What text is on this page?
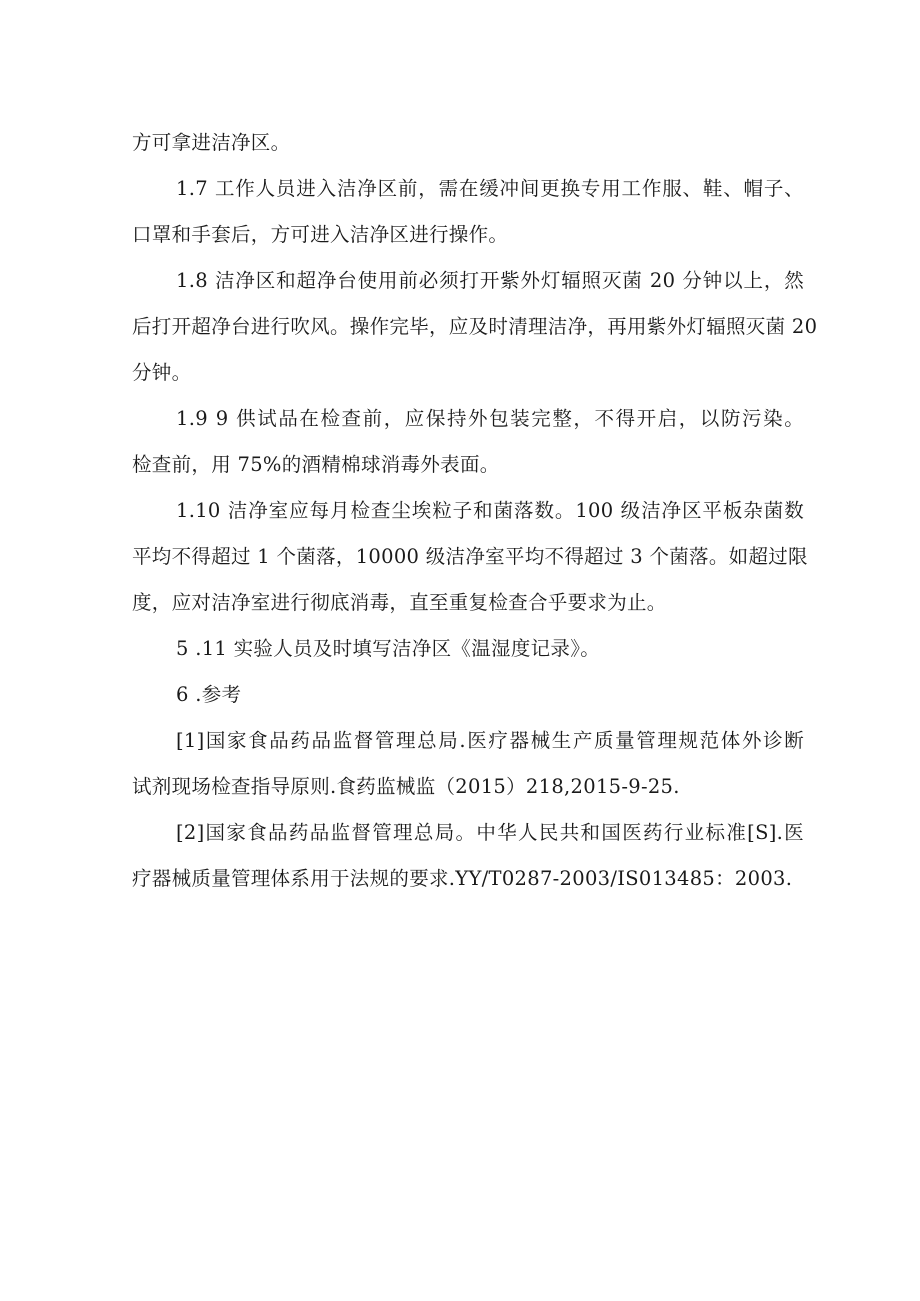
方可拿进洁净区。

1.7 工作人员进入洁净区前，需在缓冲间更换专用工作服、鞋、帽子、
口罩和手套后，方可进入洁净区进行操作。

1.8 洁净区和超净台使用前必须打开紫外灯辐照灭菌 20 分钟以上，然
后打开超净台进行吹风。操作完毕，应及时清理洁净，再用紫外灯辐照灭菌 20
分钟。

1.9 9 供试品在检查前，应保持外包装完整，不得开启，以防污染。
检查前，用 75%的酒精棉球消毒外表面。

1.10 洁净室应每月检查尘埃粒子和菌落数。100 级洁净区平板杂菌数
平均不得超过 1 个菌落，10000 级洁净室平均不得超过 3 个菌落。如超过限
度，应对洁净室进行彻底消毒，直至重复检查合乎要求为止。

5 .11 实验人员及时填写洁净区《温湿度记录》。

6 .参考

[1]国家食品药品监督管理总局.医疗器械生产质量管理规范体外诊断
试剂现场检查指导原则.食药监械监（2015）218,2015-9-25.

[2]国家食品药品监督管理总局。中华人民共和国医药行业标准[S].医
疗器械质量管理体系用于法规的要求.YY/T0287-2003/IS013485：2003.
